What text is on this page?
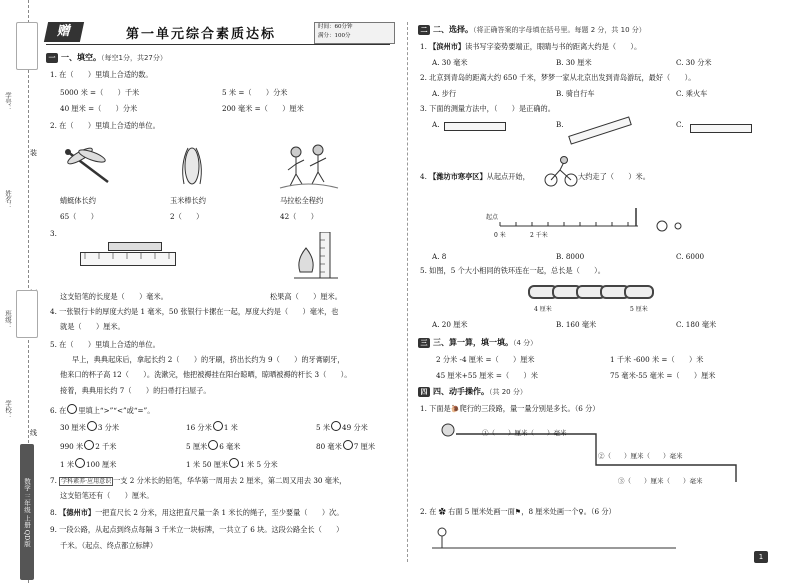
学号：
姓名：
班级：
学校：
装
线
数学 三年级 上册 QD版
赠	第一单元综合素质达标	时间：60分钟
满分：100分
一 一、填空。（每空1分，共27分）
1. 在（　　）里填上合适的数。
5000 米 =（　　）千米	5 米 =（　　）分米
40 厘米 =（　　）分米	200 毫米 =（　　）厘米
2. 在（　　）里填上合适的单位。
蜻蜓体长约	玉米棒长约	马拉松全程约
65（　　）	2（　　）	42（　　）
3.
这支铅笔的长度是（　　）毫米。	松果高（　　）厘米。
4. 一张银行卡的厚度大约是 1 毫米，50 张银行卡摞在一起，厚度大约是（　　）毫米，也
就是（　　）厘米。
5. 在（　　）里填上合适的单位。
早上，典典起床后，拿起长约 2（　　）的牙刷，挤出长约为 9（　　）的牙膏刷牙，
他来口的杯子高 12（　　）。洗漱完，他把被褥挂在阳台晾晒，晾晒被褥的杆长 3（　　）。
接着，典典用长约 7（　　）的扫帚打扫屋子。
6. 在 里填上“>”“<”或“=”。
30 厘米 3 分米	16 分米 1 米	5 米 49 分米
990 米 2 千米	5 厘米 6 毫米	80 毫米 7 厘米
1 米 100 厘米	1 米 50 厘米 1 米 5 分米
7. 学科素养·应用意识 一支 2 分米长的铅笔，华华第一周用去 2 厘米，第二周又用去 30 毫米，
这支铅笔还有（　　）厘米。
8. 【德州市】一把直尺长 2 分米，用这把直尺量一条 1 米长的绳子，至少要量（　　）次。
9. 一段公路，从起点到终点每隔 3 千米立一块标牌，一共立了 6 块。这段公路全长（　　）
千米。（起点、终点都立标牌）
二 二、选择。（将正确答案的字母填在括号里。每题 2 分，共 10 分）
1. 【滨州市】读书写字姿势要端正，眼睛与书的距离大约是（　　）。
A. 30 毫米	B. 30 厘米	C. 30 分米
2. 北京到青岛的距离大约 650 千米，梦梦一家从北京出发到青岛游玩，最好（　　）。
A. 步行	B. 骑自行车	C. 乘火车
3. 下面的测量方法中，（　　）是正确的。
A.	B.	C.
4. 【潍坊市寒亭区】从起点开始，	大约走了（　　）米。
起点
0 米	2 千米
A. 8	B. 8000	C. 6000
5. 如图，5 个大小相同的铁环连在一起，总长是（　　）。
4 厘米	5 厘米
A. 20 厘米	B. 160 毫米	C. 180 毫米
三 三、算一算，填一填。（4 分）
2 分米 -4 厘米 =（　　）厘米	1 千米 -600 米 =（　　）米
45 厘米+55 厘米 =（　　）米	75 毫米-55 毫米 =（　　）厘米
四 四、动手操作。（共 20 分）
1. 下面是🐌爬行的三段路，量一量分别是多长。（6 分）
①（　　）厘米（　　）毫米
②（　　）厘米（　　）毫米
③（　　）厘米（　　）毫米
2. 在 ✿ 右面 5 厘米处画一面⚑，8 厘米处画一个♀。（6 分）
1
